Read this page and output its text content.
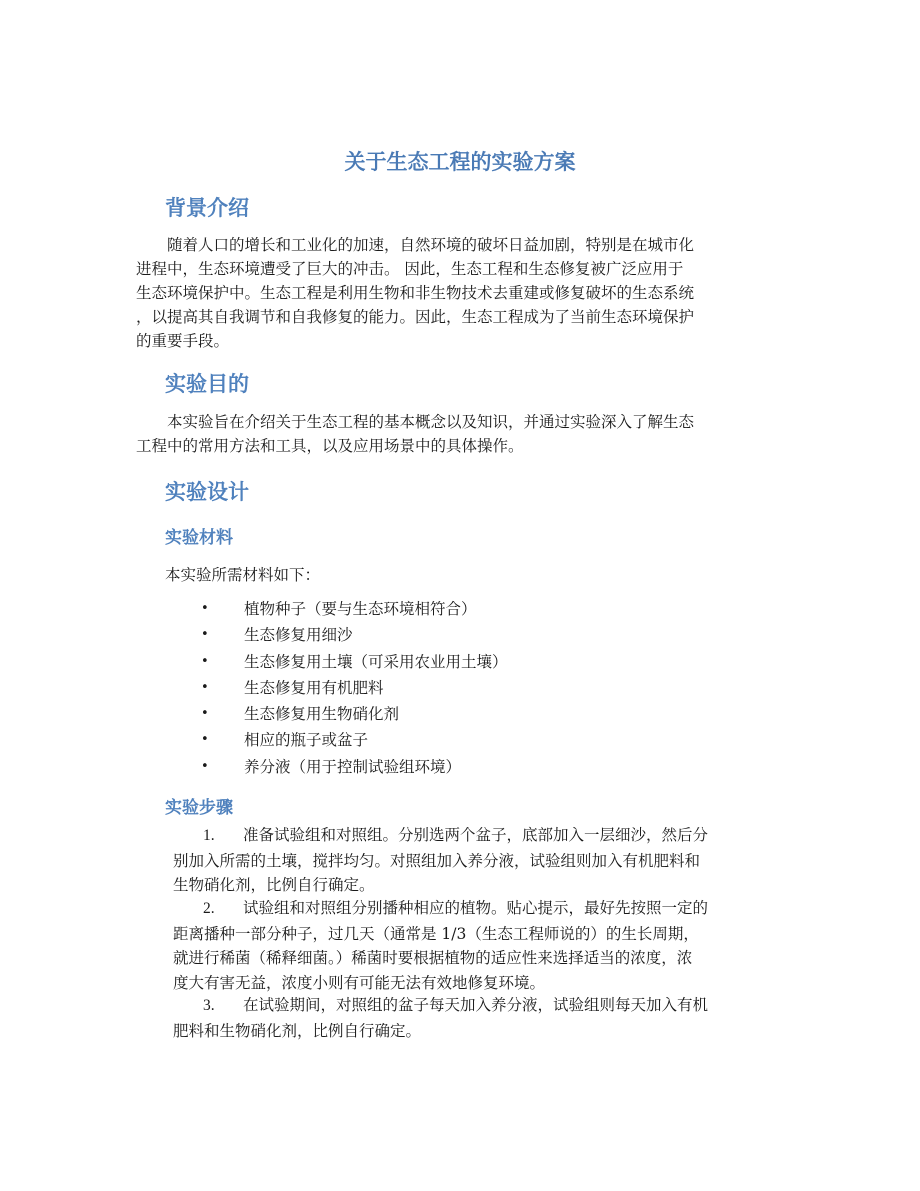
关于生态工程的实验方案
背景介绍

随着人口的增长和工业化的加速，自然环境的破坏日益加剧，特别是在城市化
进程中，生态环境遭受了巨大的冲击。 因此，生态工程和生态修复被广泛应用于
生态环境保护中。生态工程是利用生物和非生物技术去重建或修复破坏的生态系统
，以提高其自我调节和自我修复的能力。因此，生态工程成为了当前生态环境保护
的重要手段。

实验目的

本实验旨在介绍关于生态工程的基本概念以及知识，并通过实验深入了解生态
工程中的常用方法和工具，以及应用场景中的具体操作。

实验设计
实验材料

本实验所需材料如下：

• 植物种子（要与生态环境相符合）
• 生态修复用细沙
• 生态修复用土壤（可采用农业用土壤）
• 生态修复用有机肥料
• 生态修复用生物硝化剂
• 相应的瓶子或盆子
• 养分液（用于控制试验组环境）
实验步骤
1. 准备试验组和对照组。分别选两个盆子，底部加入一层细沙，然后分
别加入所需的土壤，搅拌均匀。对照组加入养分液，试验组则加入有机肥料和
生物硝化剂，比例自行确定。
2. 试验组和对照组分别播种相应的植物。贴心提示，最好先按照一定的
距离播种一部分种子，过几天（通常是 1/3（生态工程师说的）的生长周期，
就进行稀菌（稀释细菌。）稀菌时要根据植物的适应性来选择适当的浓度，浓
度大有害无益，浓度小则有可能无法有效地修复环境。
3. 在试验期间，对照组的盆子每天加入养分液，试验组则每天加入有机
肥料和生物硝化剂，比例自行确定。
